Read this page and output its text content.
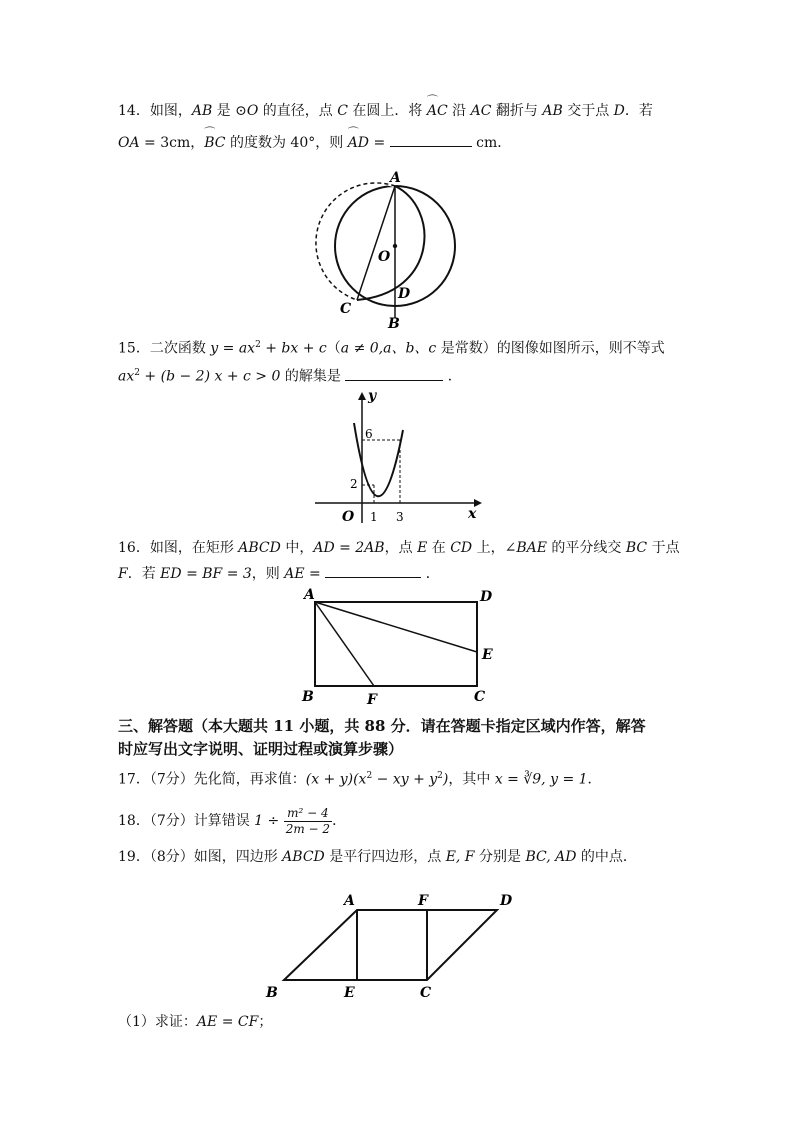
14．如图，AB 是 ⊙O 的直径，点 C 在圆上．将 ⌒ AC 沿 AC 翻折与 AB 交于点 D．若
OA = 3cm，⌒ BC 的度数为 40°，则 ⌒ AD =	cm．
A
O
C
D
B
15．二次函数 $y = ax^2$ + bx + c（a ≠ 0,a、b、c 是常数）的图像如图所示，则不等式
$ax^2 + (b - 2) x + c > 0$ 的解集是	．
y
x
O
6
2
1 3
16．如图，在矩形 ABCD 中，AD = 2AB，点 E 在 CD 上，∠BAE 的平分线交 BC 于点
F．若 ED = BF = 3，则 AE =	．
A	D
E
B	F	C
三、解答题（本大题共 11 小题，共 88 分．请在答题卡指定区域内作答，解答
时应写出文字说明、证明过程或演算步骤）
17．（7分）先化简，再求值：$(x + y)(x^2$ − xy + $y^2$)，其中 x = ∛9, y = 1．
18．（7分）计算错误 $1 \div \frac{\text{m² − 4}}{2m - 2}$ ．
19．（8分）如图，四边形 ABCD 是平行四边形，点 E, F 分别是 BC, AD 的中点．
A	F	D
B	E	C
（1）求证：AE = CF；
